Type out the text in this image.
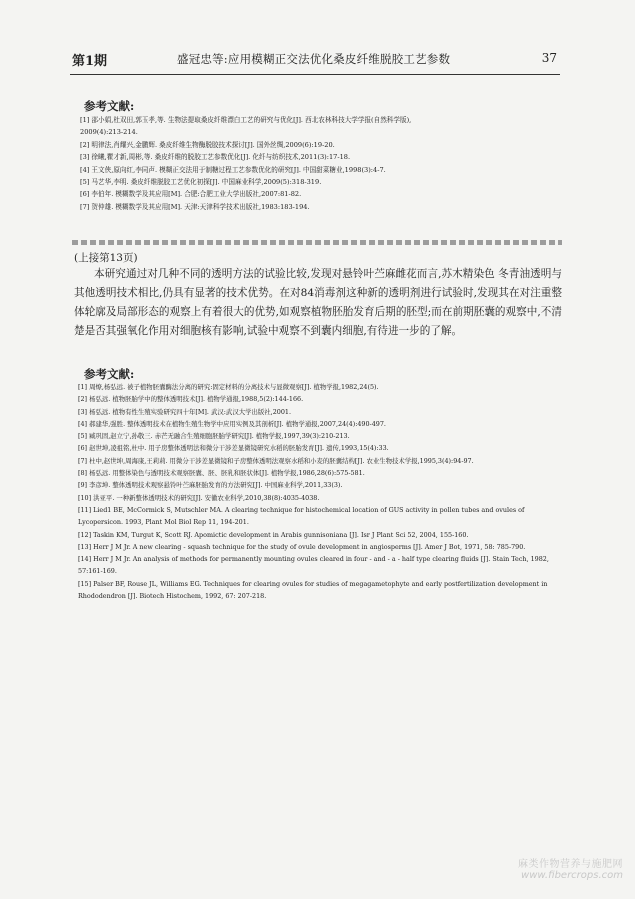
第1期	盛冠忠等:应用模糊正交法优化桑皮纤维脱胶工艺参数	37
参考文献:
[1] 邵小娟,杜双田,郭玉孝,等. 生物法提取桑皮纤维漂白工艺的研究与优化[J]. 西北农林科技大学学报(自然科学版),
2009(4):213-214.
[2] 明律法,肖耀兴,金鹏辉. 桑皮纤维生物酶脱胶技术探讨[J]. 国外丝绸,2009(6):19-20.
[3] 徐曦,瞿才新,周彬,等. 桑皮纤维的脱胶工艺参数优化[J]. 化纤与纺织技术,2011(3):17-18.
[4] 王文侠,原向红,李同声. 模糊正交法用于制糖过程工艺参数优化的研究[J]. 中国甜菜糖业,1998(3):4-7.
[5] 马艺华,李明. 桑皮纤维脱胶工艺优化初探[J]. 中国麻业科学,2009(5):318-319.
[6] 李伯年. 模糊数学及其应用[M]. 合肥:合肥工业大学出版社,2007:81-82.
[7] 贺仲雄. 模糊数学及其应用[M]. 天津:天津科学技术出版社,1983:183-194.
(上接第13页)
本研究通过对几种不同的透明方法的试验比较,发现对悬铃叶苎麻雌花而言,苏木精染色 冬青油透明与其他透明技术相比,仍具有显著的技术优势。在对84消毒剂这种新的透明剂进行试验时,发现其在对注重整体轮廓及局部形态的观察上有着很大的优势,如观察植物胚胎发育后期的胚型;而在前期胚囊的观察中,不清楚是否其强氧化作用对细胞核有影响,试验中观察不到囊内细胞,有待进一步的了解。
参考文献:
[1] 周燎,杨弘远. 被子植物胚囊酶法分离的研究:固定材料的分离技术与显微观察[J]. 植物学报,1982,24(5).
[2] 杨弘远. 植物胚胎学中的整体透明技术[J]. 植物学通报,1988,5(2):144-166.
[3] 杨弘远. 植物有性生殖实验研究四十年[M]. 武汉:武汉大学出版社,2001.
[4] 郝建华,强胜. 整体透明技术在植物生殖生物学中应用实例及其剖析[J]. 植物学通报,2007,24(4):490-497.
[5] 臧巩固,赵立宁,孙敬三. 赤芒无融合生殖细胞胚胎学研究[J]. 植物学报,1997,39(3):210-213.
[6] 赵世坤,凌祖铭,杜中. 用子房整体透明法和微分干涉差显微镜研究水稻的胚胎发育[J]. 遗传,1993,15(4):33.
[7] 杜中,赵世坤,周海康,王莉莉. 用微分干涉差显微镜和子房整体透明法观察水稻和小麦的胚囊结构[J]. 农业生物技术学报,1995,3(4):94-97.
[8] 杨弘远. 用整体染色与透明技术观察胚囊、胚、胚乳和胚状体[J]. 植物学报,1986,28(6):575-581.
[9] 李彦坤. 整体透明技术观察悬铃叶苎麻胚胎发育的方法研究[J]. 中国麻业科学,2011,33(3).
[10] 洪亚平. 一种新整体透明技术的研究[J]. 安徽农业科学,2010,38(8):4035-4038.
[11] Lied1 BE, McCormick S, Mutschler MA. A clearing technique for histochemical location of GUS activity in pollen tubes and ovules of Lycopersicon. 1993, Plant Mol Biol Rep 11, 194-201.
[12] Taskin KM, Turgut K, Scott RJ. Apomictic development in Arabis gunnisoniana [J]. Isr J Plant Sci 52, 2004, 155-160.
[13] Herr J M Jr. A new clearing - squash technique for the study of ovule development in angiosperms [J]. Amer J Bot, 1971, 58: 785-790.
[14] Herr J M Jr. An analysis of methods for permanently mounting ovules cleared in four - and - a - half type clearing fluids [J]. Stain Tech, 1982, 57:161-169.
[15] Palser BF, Rouse JL, Williams EG. Techniques for clearing ovules for studies of megagametophyte and early postfertilization development in Rhododendron [J]. Biotech Histochem, 1992, 67: 207-218.
麻类作物营养与施肥网
www.fibercrops.com
